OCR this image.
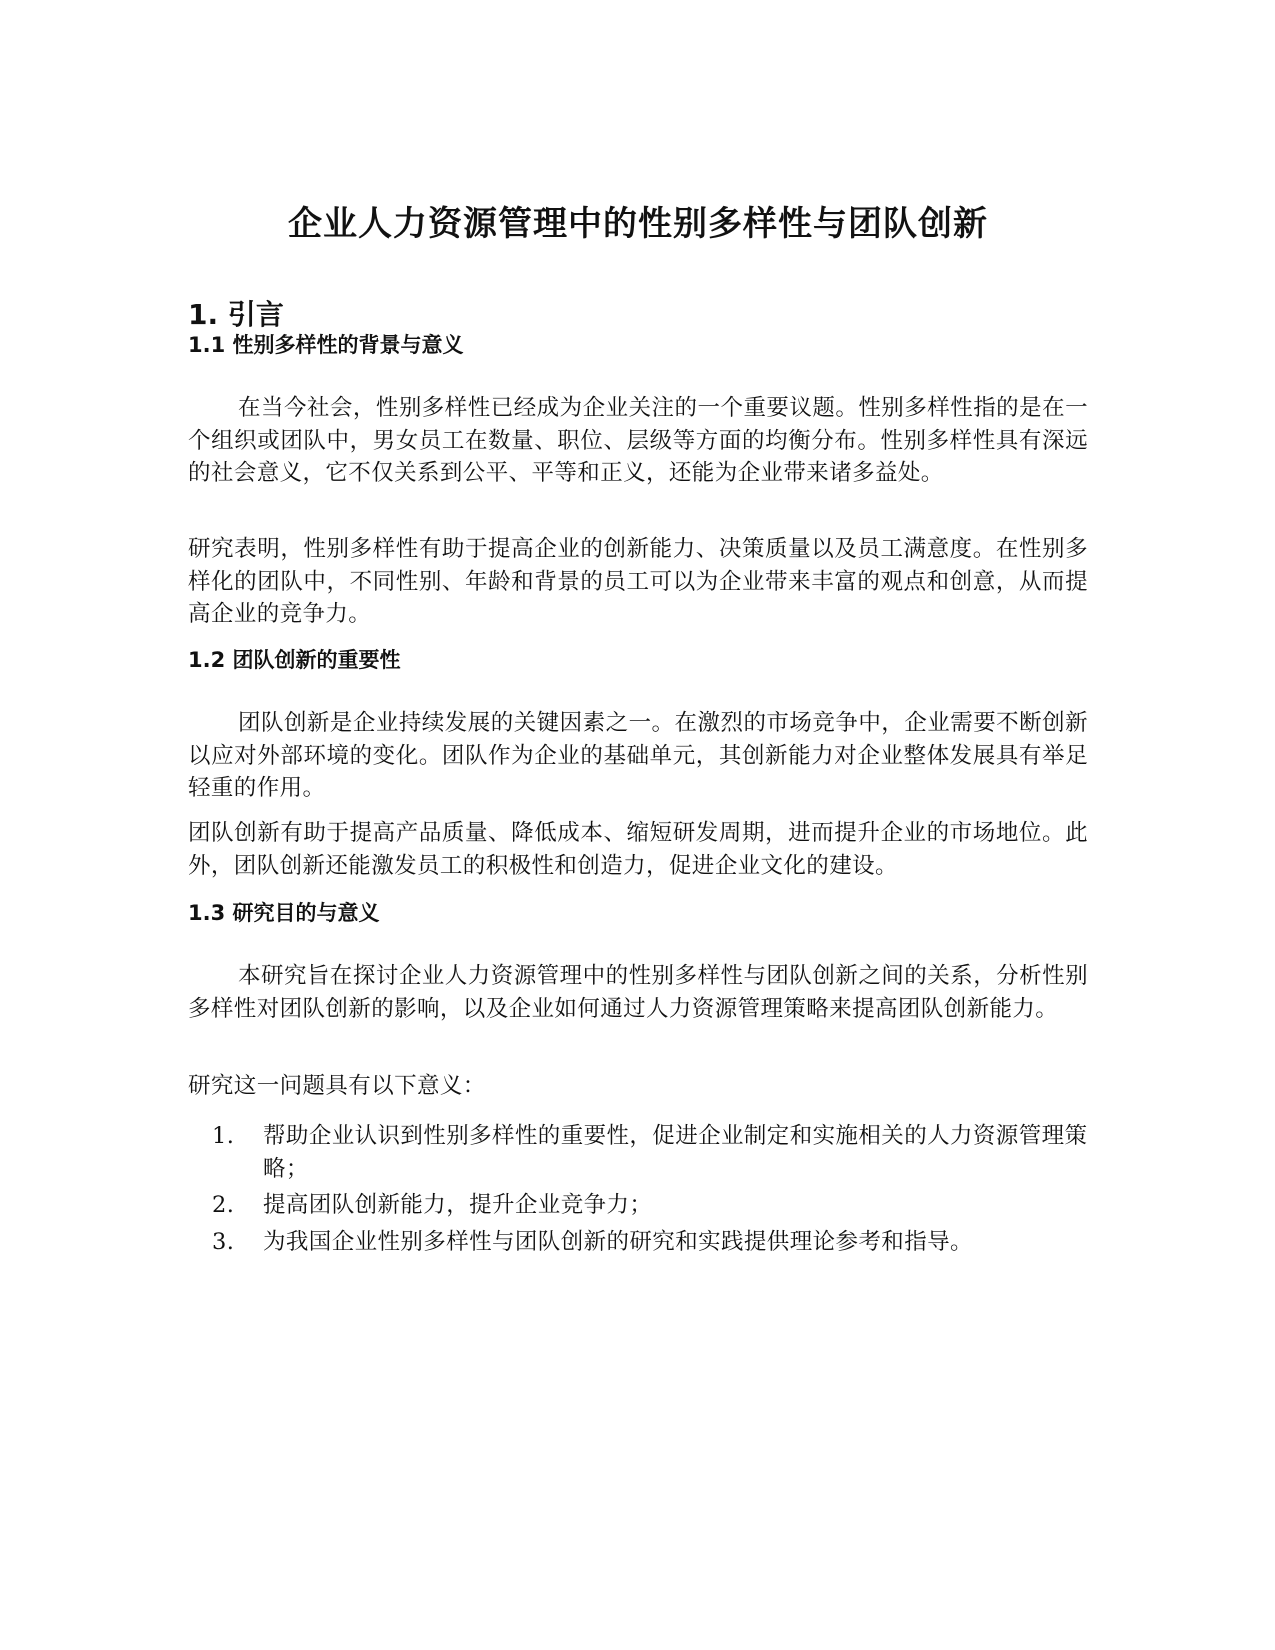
企业人力资源管理中的性别多样性与团队创新
1. 引言
1.1 性别多样性的背景与意义

在当今社会，性别多样性已经成为企业关注的一个重要议题。性别多样性指的是在一个组织或团队中，男女员工在数量、职位、层级等方面的均衡分布。性别多样性具有深远的社会意义，它不仅关系到公平、平等和正义，还能为企业带来诸多益处。

研究表明，性别多样性有助于提高企业的创新能力、决策质量以及员工满意度。在性别多样化的团队中，不同性别、年龄和背景的员工可以为企业带来丰富的观点和创意，从而提高企业的竞争力。

1.2 团队创新的重要性

团队创新是企业持续发展的关键因素之一。在激烈的市场竞争中，企业需要不断创新以应对外部环境的变化。团队作为企业的基础单元，其创新能力对企业整体发展具有举足轻重的作用。

团队创新有助于提高产品质量、降低成本、缩短研发周期，进而提升企业的市场地位。此外，团队创新还能激发员工的积极性和创造力，促进企业文化的建设。

1.3 研究目的与意义

本研究旨在探讨企业人力资源管理中的性别多样性与团队创新之间的关系，分析性别多样性对团队创新的影响，以及企业如何通过人力资源管理策略来提高团队创新能力。

研究这一问题具有以下意义：

1. 帮助企业认识到性别多样性的重要性，促进企业制定和实施相关的人力资源管理策略；
2. 提高团队创新能力，提升企业竞争力；
3. 为我国企业性别多样性与团队创新的研究和实践提供理论参考和指导。
